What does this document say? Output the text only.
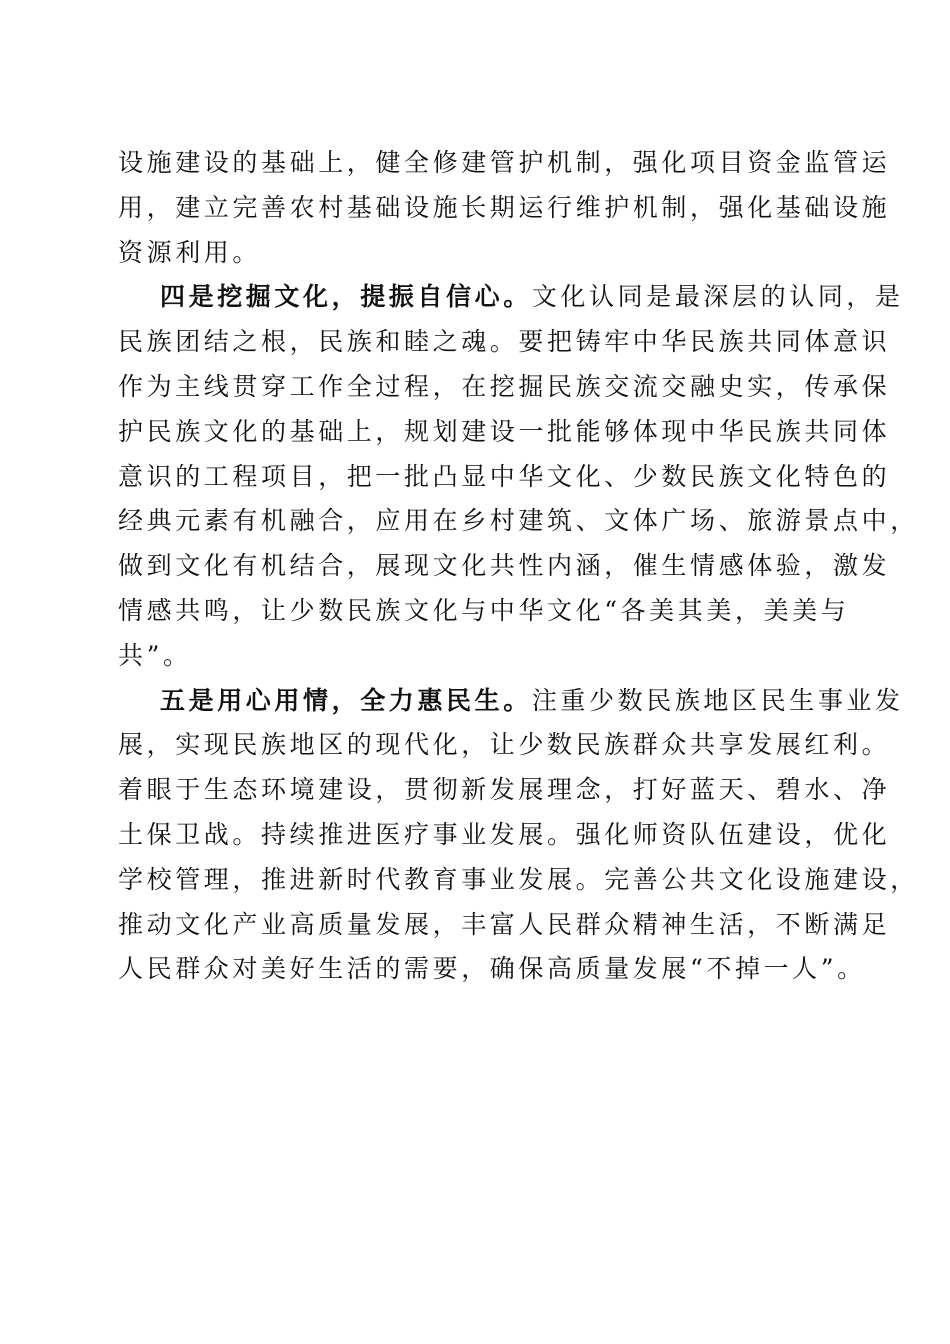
设施建设的基础上，健全修建管护机制，强化项目资金监管运
用，建立完善农村基础设施长期运行维护机制，强化基础设施
资源利用。
四是挖掘文化，提振自信心。文化认同是最深层的认同，是
民族团结之根，民族和睦之魂。要把铸牢中华民族共同体意识
作为主线贯穿工作全过程，在挖掘民族交流交融史实，传承保
护民族文化的基础上，规划建设一批能够体现中华民族共同体
意识的工程项目，把一批凸显中华文化、少数民族文化特色的
经典元素有机融合，应用在乡村建筑、文体广场、旅游景点中，
做到文化有机结合，展现文化共性内涵，催生情感体验，激发
情感共鸣，让少数民族文化与中华文化“各美其美，美美与
共”。
五是用心用情，全力惠民生。注重少数民族地区民生事业发
展，实现民族地区的现代化，让少数民族群众共享发展红利。
着眼于生态环境建设，贯彻新发展理念，打好蓝天、碧水、净
土保卫战。持续推进医疗事业发展。强化师资队伍建设，优化
学校管理，推进新时代教育事业发展。完善公共文化设施建设，
推动文化产业高质量发展，丰富人民群众精神生活，不断满足
人民群众对美好生活的需要，确保高质量发展“不掉一人”。
